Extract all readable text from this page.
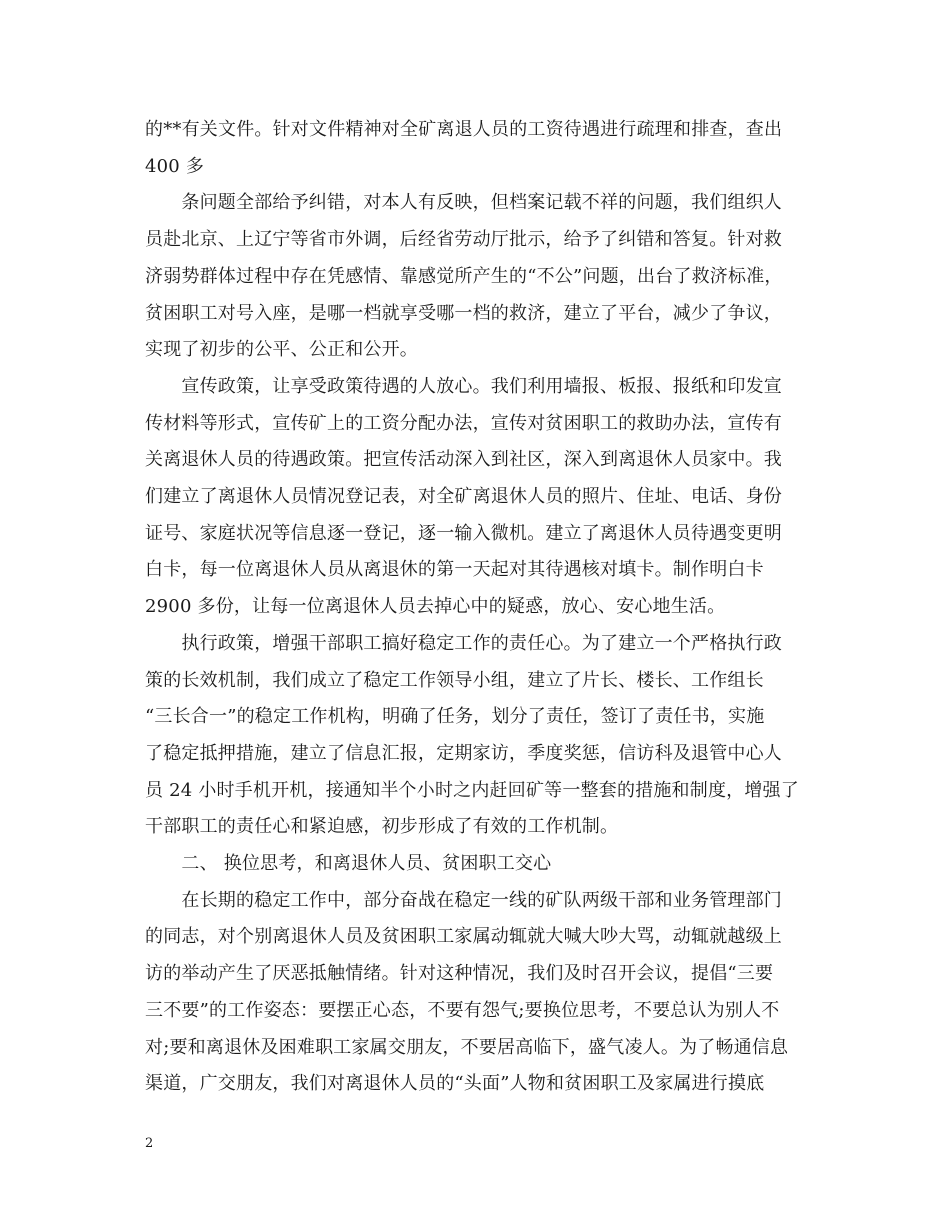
的**有关文件。针对文件精神对全矿离退人员的工资待遇进行疏理和排查，查出
400 多
　　条问题全部给予纠错，对本人有反映，但档案记载不祥的问题，我们组织人
员赴北京、上辽宁等省市外调，后经省劳动厅批示，给予了纠错和答复。针对救
济弱势群体过程中存在凭感情、靠感觉所产生的“不公”问题，出台了救济标准，
贫困职工对号入座，是哪一档就享受哪一档的救济，建立了平台，减少了争议，
实现了初步的公平、公正和公开。
　　宣传政策，让享受政策待遇的人放心。我们利用墙报、板报、报纸和印发宣
传材料等形式，宣传矿上的工资分配办法，宣传对贫困职工的救助办法，宣传有
关离退休人员的待遇政策。把宣传活动深入到社区，深入到离退休人员家中。我
们建立了离退休人员情况登记表，对全矿离退休人员的照片、住址、电话、身份
证号、家庭状况等信息逐一登记，逐一输入微机。建立了离退休人员待遇变更明
白卡，每一位离退休人员从离退休的第一天起对其待遇核对填卡。制作明白卡
2900 多份，让每一位离退休人员去掉心中的疑惑，放心、安心地生活。
　　执行政策，增强干部职工搞好稳定工作的责任心。为了建立一个严格执行政
策的长效机制，我们成立了稳定工作领导小组，建立了片长、楼长、工作组长
“三长合一”的稳定工作机构，明确了任务，划分了责任，签订了责任书，实施
了稳定抵押措施，建立了信息汇报，定期家访，季度奖惩，信访科及退管中心人
员 24 小时手机开机，接通知半个小时之内赶回矿等一整套的措施和制度，增强了
干部职工的责任心和紧迫感，初步形成了有效的工作机制。
　　二、 换位思考，和离退休人员、贫困职工交心
　　在长期的稳定工作中，部分奋战在稳定一线的矿队两级干部和业务管理部门
的同志，对个别离退休人员及贫困职工家属动辄就大喊大吵大骂，动辄就越级上
访的举动产生了厌恶抵触情绪。针对这种情况，我们及时召开会议，提倡“三要
三不要”的工作姿态：要摆正心态，不要有怨气;要换位思考，不要总认为别人不
对;要和离退休及困难职工家属交朋友，不要居高临下，盛气凌人。为了畅通信息
渠道，广交朋友，我们对离退休人员的“头面”人物和贫困职工及家属进行摸底
2
